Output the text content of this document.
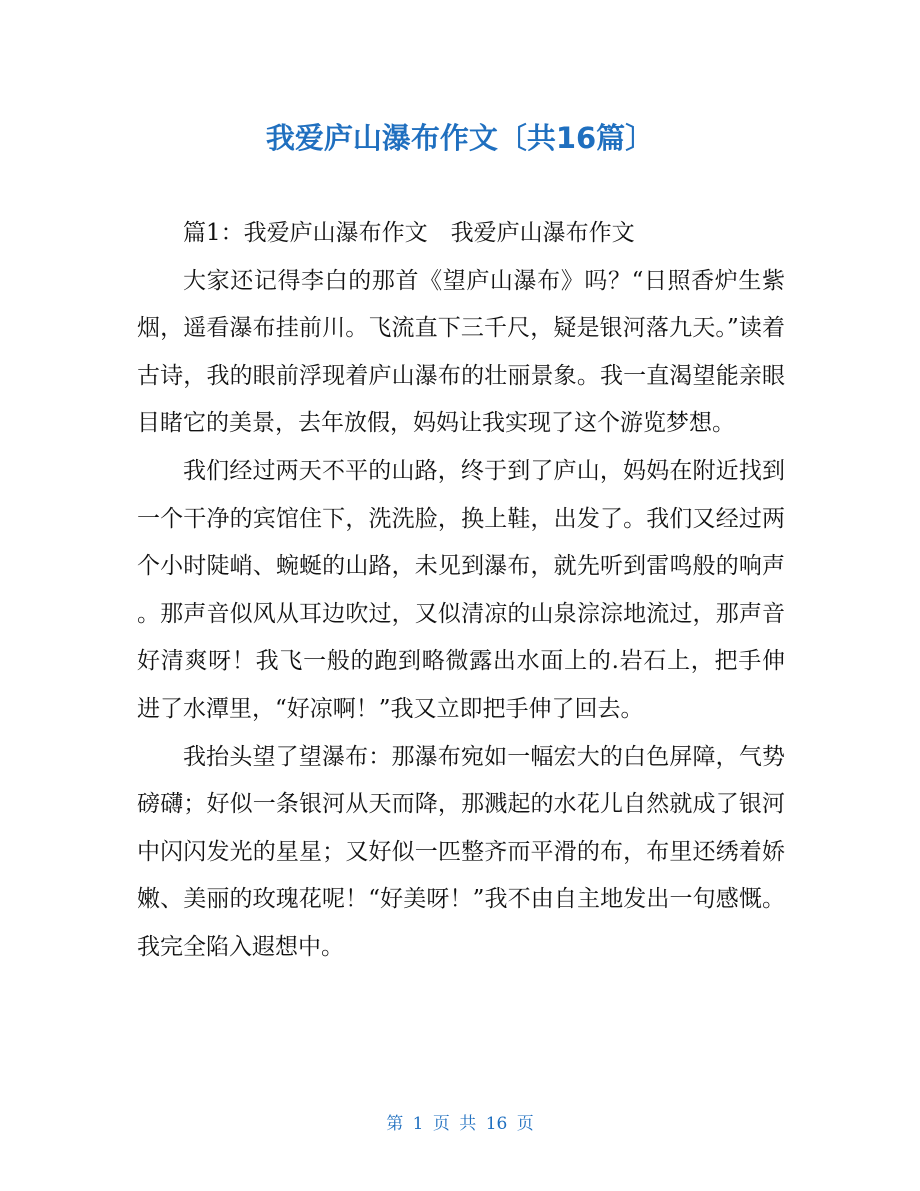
我爱庐山瀑布作文〔共16篇〕

篇1：我爱庐山瀑布作文　我爱庐山瀑布作文

大家还记得李白的那首《望庐山瀑布》吗？“日照香炉生紫烟，遥看瀑布挂前川。飞流直下三千尺，疑是银河落九天。”读着古诗，我的眼前浮现着庐山瀑布的壮丽景象。我一直渴望能亲眼目睹它的美景，去年放假，妈妈让我实现了这个游览梦想。

我们经过两天不平的山路，终于到了庐山，妈妈在附近找到一个干净的宾馆住下，洗洗脸，换上鞋，出发了。我们又经过两个小时陡峭、蜿蜒的山路，未见到瀑布，就先听到雷鸣般的响声。那声音似风从耳边吹过，又似清凉的山泉淙淙地流过，那声音好清爽呀！我飞一般的跑到略微露出水面上的.岩石上，把手伸进了水潭里，“好凉啊！”我又立即把手伸了回去。

我抬头望了望瀑布：那瀑布宛如一幅宏大的白色屏障，气势磅礴；好似一条银河从天而降，那溅起的水花儿自然就成了银河中闪闪发光的星星；又好似一匹整齐而平滑的布，布里还绣着娇嫩、美丽的玫瑰花呢！“好美呀！”我不由自主地发出一句感慨。我完全陷入遐想中。

第 1 页 共 16 页
